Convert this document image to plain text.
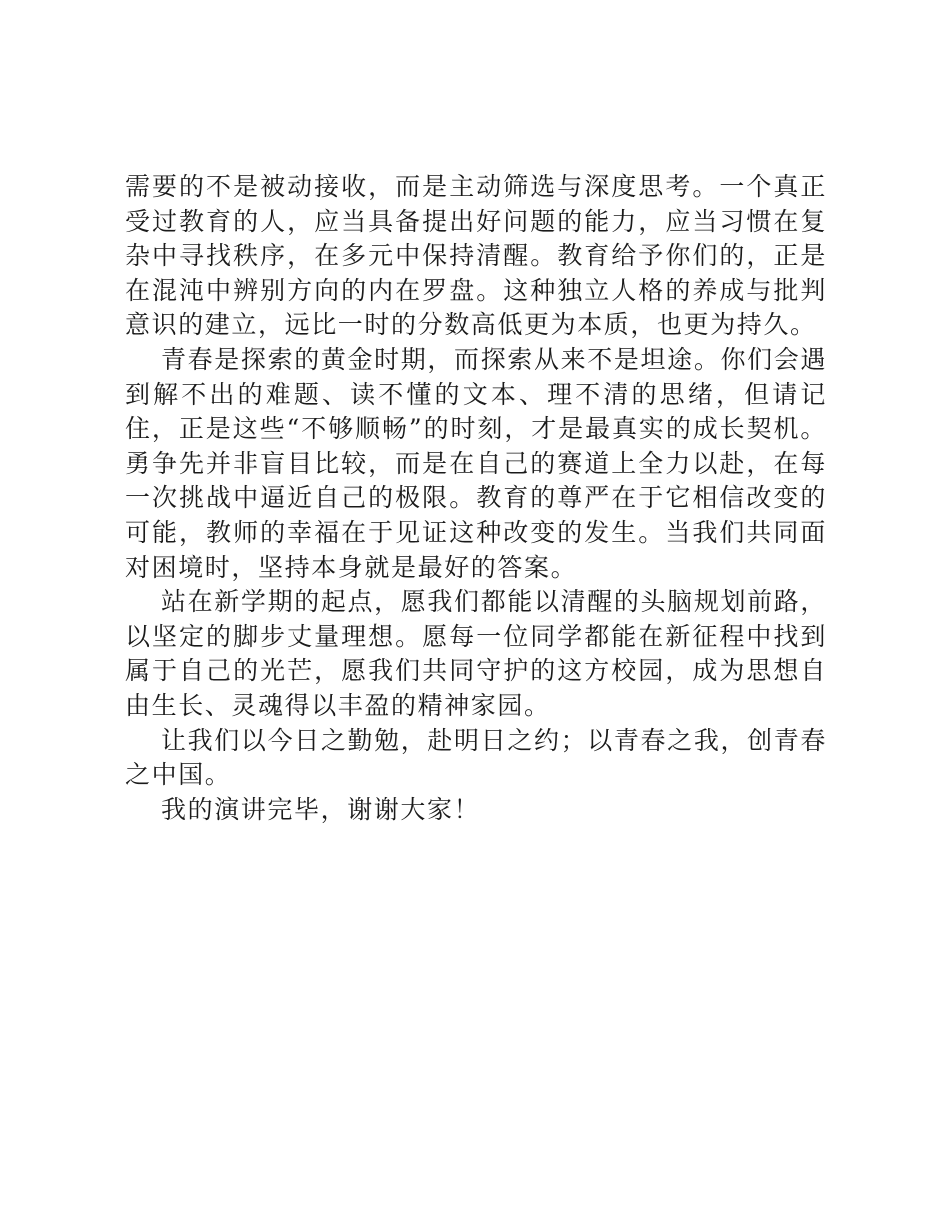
需要的不是被动接收，而是主动筛选与深度思考。一个真正受过教育的人，应当具备提出好问题的能力，应当习惯在复杂中寻找秩序，在多元中保持清醒。教育给予你们的，正是在混沌中辨别方向的内在罗盘。这种独立人格的养成与批判意识的建立，远比一时的分数高低更为本质，也更为持久。

青春是探索的黄金时期，而探索从来不是坦途。你们会遇到解不出的难题、读不懂的文本、理不清的思绪，但请记住，正是这些“不够顺畅”的时刻，才是最真实的成长契机。勇争先并非盲目比较，而是在自己的赛道上全力以赴，在每一次挑战中逼近自己的极限。教育的尊严在于它相信改变的可能，教师的幸福在于见证这种改变的发生。当我们共同面对困境时，坚持本身就是最好的答案。

站在新学期的起点，愿我们都能以清醒的头脑规划前路，以坚定的脚步丈量理想。愿每一位同学都能在新征程中找到属于自己的光芒，愿我们共同守护的这方校园，成为思想自由生长、灵魂得以丰盈的精神家园。

让我们以今日之勤勉，赴明日之约；以青春之我，创青春之中国。

我的演讲完毕，谢谢大家！
